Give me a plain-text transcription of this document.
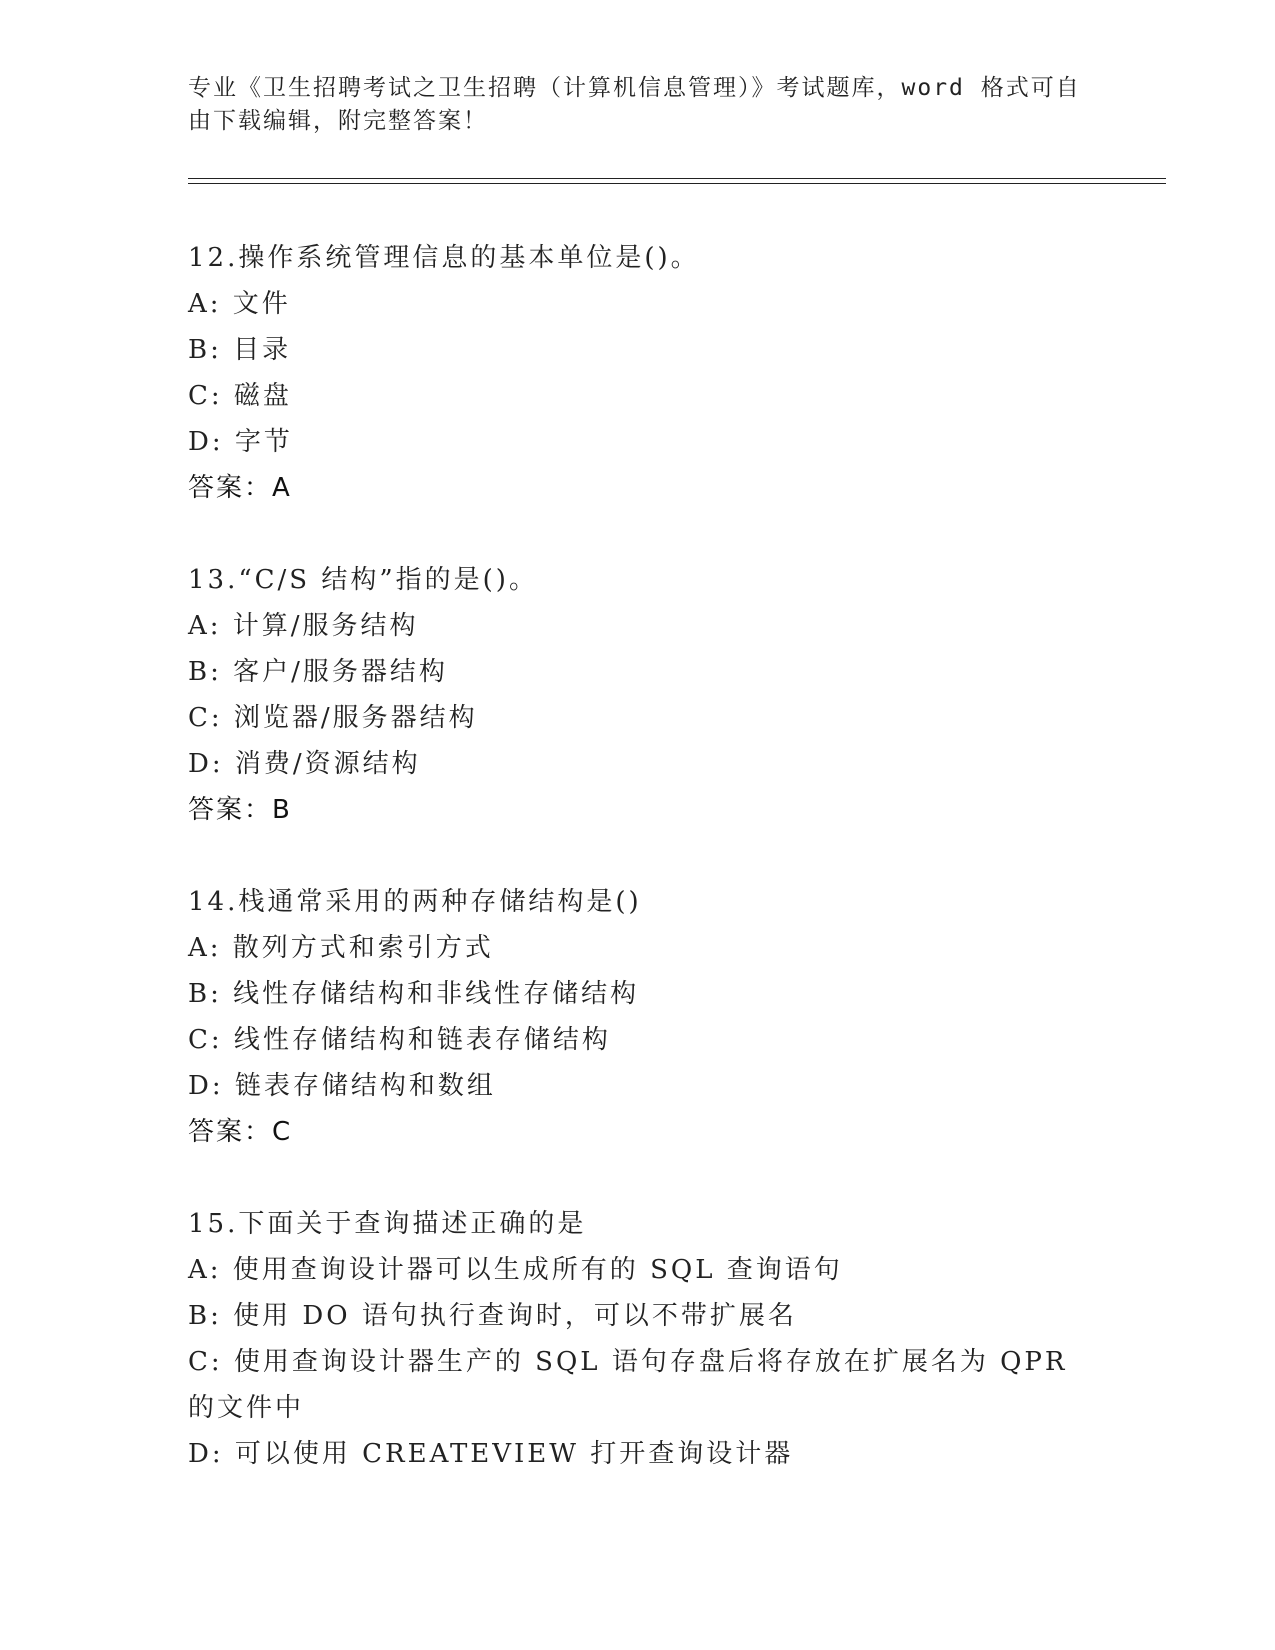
专业《卫生招聘考试之卫生招聘（计算机信息管理）》考试题库，word 格式可自由下载编辑，附完整答案！
12.操作系统管理信息的基本单位是()。
A: 文件
B: 目录
C: 磁盘
D: 字节
答案：A
13.“C/S 结构”指的是()。
A: 计算/服务结构
B: 客户/服务器结构
C: 浏览器/服务器结构
D: 消费/资源结构
答案：B
14.栈通常采用的两种存储结构是()
A: 散列方式和索引方式
B: 线性存储结构和非线性存储结构
C: 线性存储结构和链表存储结构
D: 链表存储结构和数组
答案：C
15.下面关于查询描述正确的是
A: 使用查询设计器可以生成所有的 SQL 查询语句
B: 使用 DO 语句执行查询时，可以不带扩展名
C: 使用查询设计器生产的 SQL 语句存盘后将存放在扩展名为 QPR 的文件中
D: 可以使用 CREATEVIEW 打开查询设计器
